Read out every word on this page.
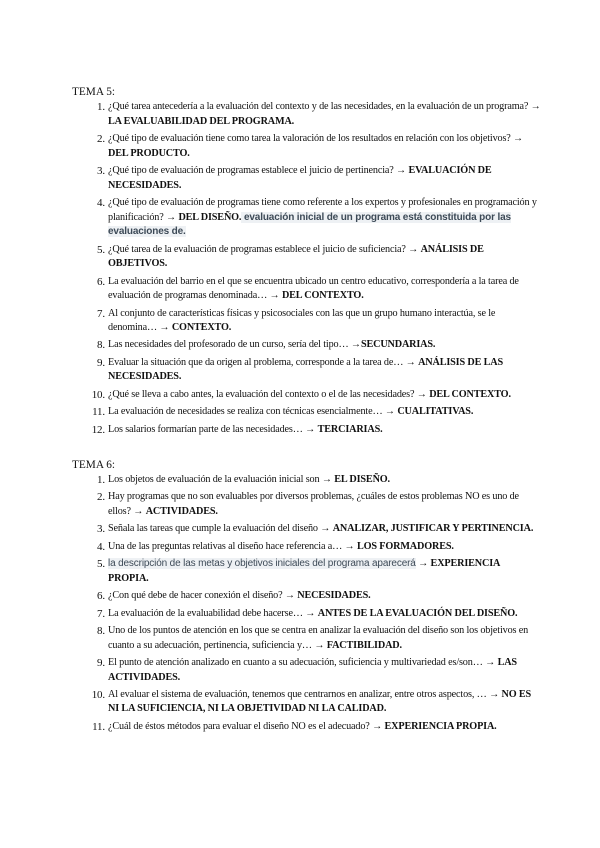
TEMA 5:
1. ¿Qué tarea antecedería a la evaluación del contexto y de las necesidades, en la evaluación de un programa? → LA EVALUABILIDAD DEL PROGRAMA.
2. ¿Qué tipo de evaluación tiene como tarea la valoración de los resultados en relación con los objetivos? → DEL PRODUCTO.
3. ¿Qué tipo de evaluación de programas establece el juicio de pertinencia? → EVALUACIÓN DE NECESIDADES.
4. ¿Qué tipo de evaluación de programas tiene como referente a los expertos y profesionales en programación y planificación? → DEL DISEÑO. evaluación inicial de un programa está constituida por las evaluaciones de.
5. ¿Qué tarea de la evaluación de programas establece el juicio de suficiencia? → ANÁLISIS DE OBJETIVOS.
6. La evaluación del barrio en el que se encuentra ubicado un centro educativo, correspondería a la tarea de evaluación de programas denominada… → DEL CONTEXTO.
7. Al conjunto de características físicas y psicosociales con las que un grupo humano interactúa, se le denomina… → CONTEXTO.
8. Las necesidades del profesorado de un curso, sería del tipo… →SECUNDARIAS.
9. Evaluar la situación que da origen al problema, corresponde a la tarea de… → ANÁLISIS DE LAS NECESIDADES.
10. ¿Qué se lleva a cabo antes, la evaluación del contexto o el de las necesidades? → DEL CONTEXTO.
11. La evaluación de necesidades se realiza con técnicas esencialmente… → CUALITATIVAS.
12. Los salarios formarían parte de las necesidades… → TERCIARIAS.
TEMA 6:
1. Los objetos de evaluación de la evaluación inicial son → EL DISEÑO.
2. Hay programas que no son evaluables por diversos problemas, ¿cuáles de estos problemas NO es uno de ellos? → ACTIVIDADES.
3. Señala las tareas que cumple la evaluación del diseño → ANALIZAR, JUSTIFICAR Y PERTINENCIA.
4. Una de las preguntas relativas al diseño hace referencia a… → LOS FORMADORES.
5. la descripción de las metas y objetivos iniciales del programa aparecerá → EXPERIENCIA PROPIA.
6. ¿Con qué debe de hacer conexión el diseño? → NECESIDADES.
7. La evaluación de la evaluabilidad debe hacerse… → ANTES DE LA EVALUACIÓN DEL DISEÑO.
8. Uno de los puntos de atención en los que se centra en analizar la evaluación del diseño son los objetivos en cuanto a su adecuación, pertinencia, suficiencia y… → FACTIBILIDAD.
9. El punto de atención analizado en cuanto a su adecuación, suficiencia y multivariedad es/son… → LAS ACTIVIDADES.
10. Al evaluar el sistema de evaluación, tenemos que centrarnos en analizar, entre otros aspectos, … → NO ES NI LA SUFICIENCIA, NI LA OBJETIVIDAD NI LA CALIDAD.
11. ¿Cuál de éstos métodos para evaluar el diseño NO es el adecuado? → EXPERIENCIA PROPIA.
